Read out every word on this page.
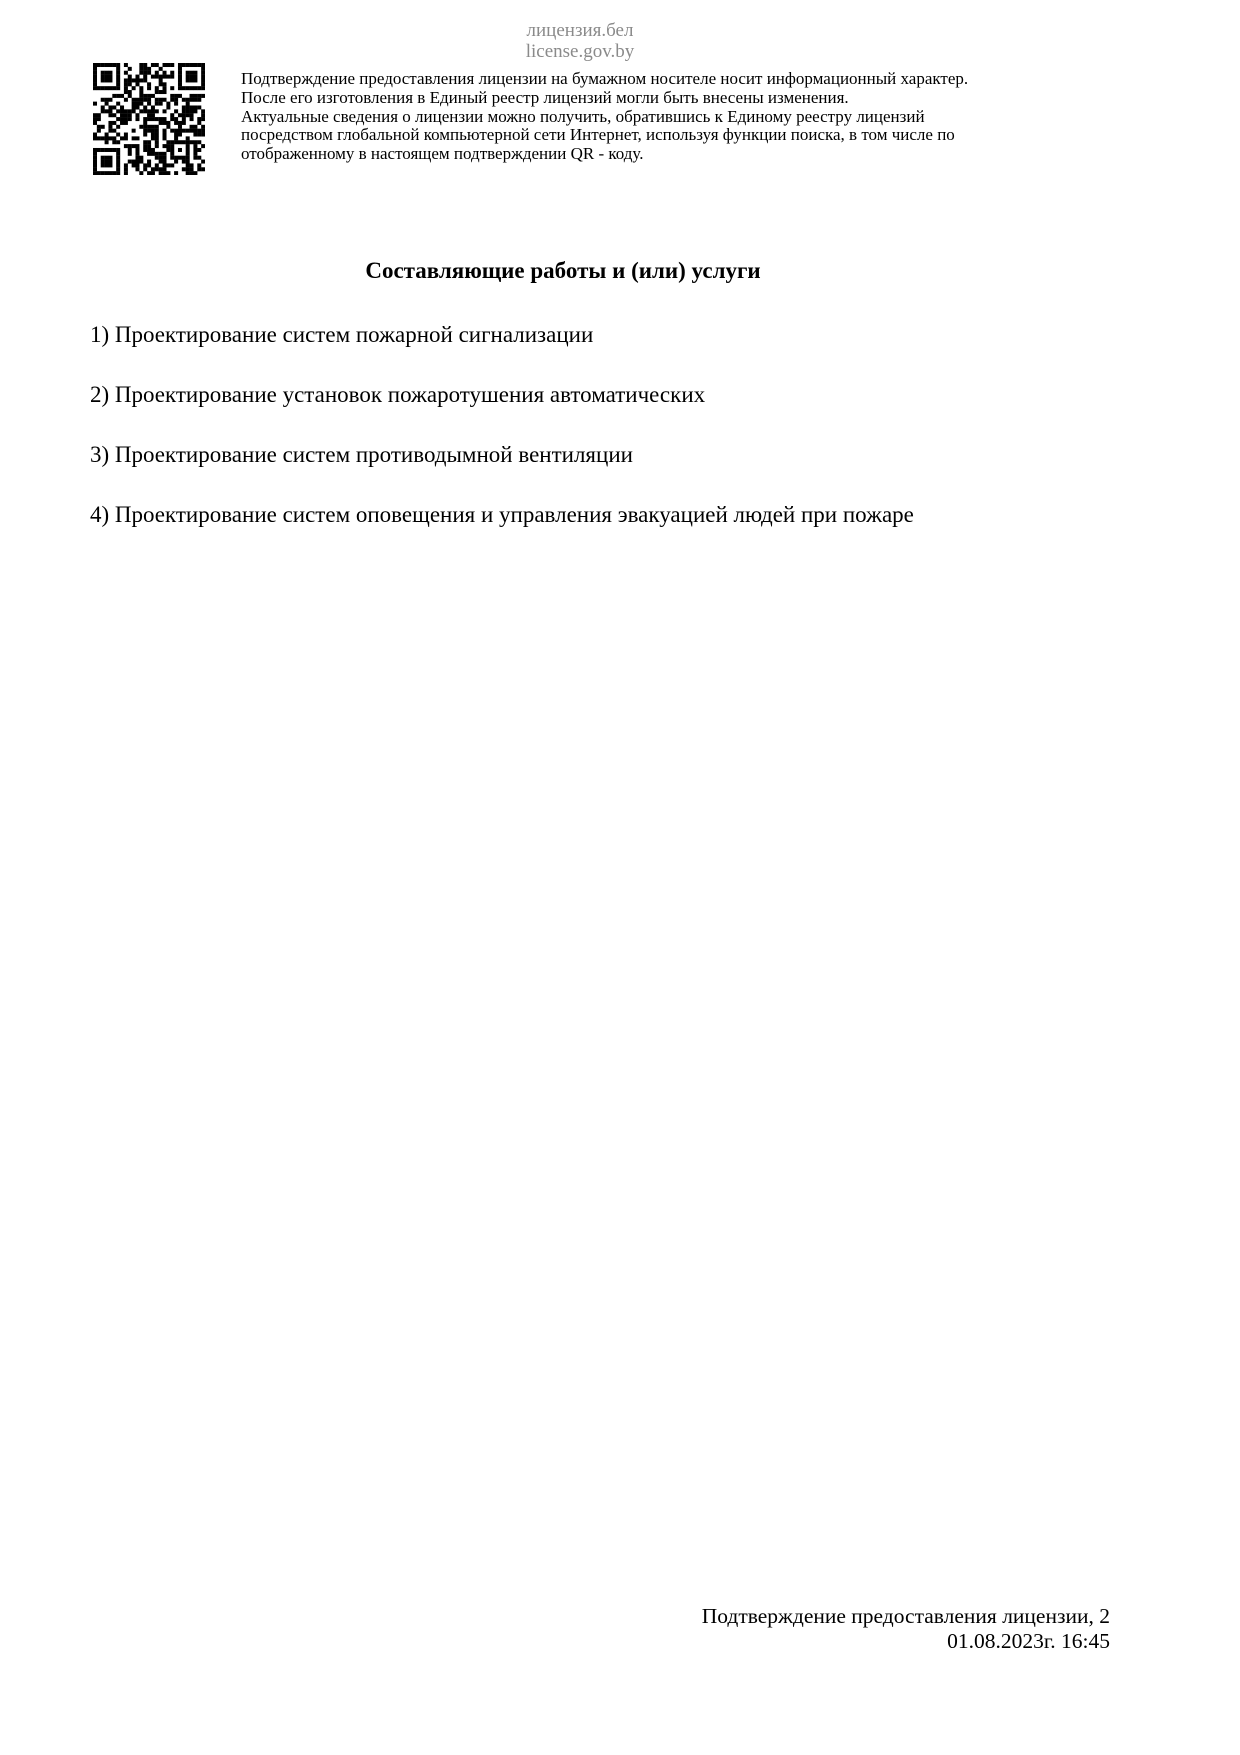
лицензия.бел
license.gov.by
Подтверждение предоставления лицензии на бумажном носителе носит информационный характер.
После его изготовления в Единый реестр лицензий могли быть внесены изменения.
Актуальные сведения о лицензии можно получить, обратившись к Единому реестру лицензий
посредством глобальной компьютерной сети Интернет, используя функции поиска, в том числе по
отображенному в настоящем подтверждении QR - коду.
Составляющие работы и (или) услуги
1) Проектирование систем пожарной сигнализации
2) Проектирование установок пожаротушения автоматических
3) Проектирование систем противодымной вентиляции
4) Проектирование систем оповещения и управления эвакуацией людей при пожаре
Подтверждение предоставления лицензии, 2
01.08.2023г. 16:45
